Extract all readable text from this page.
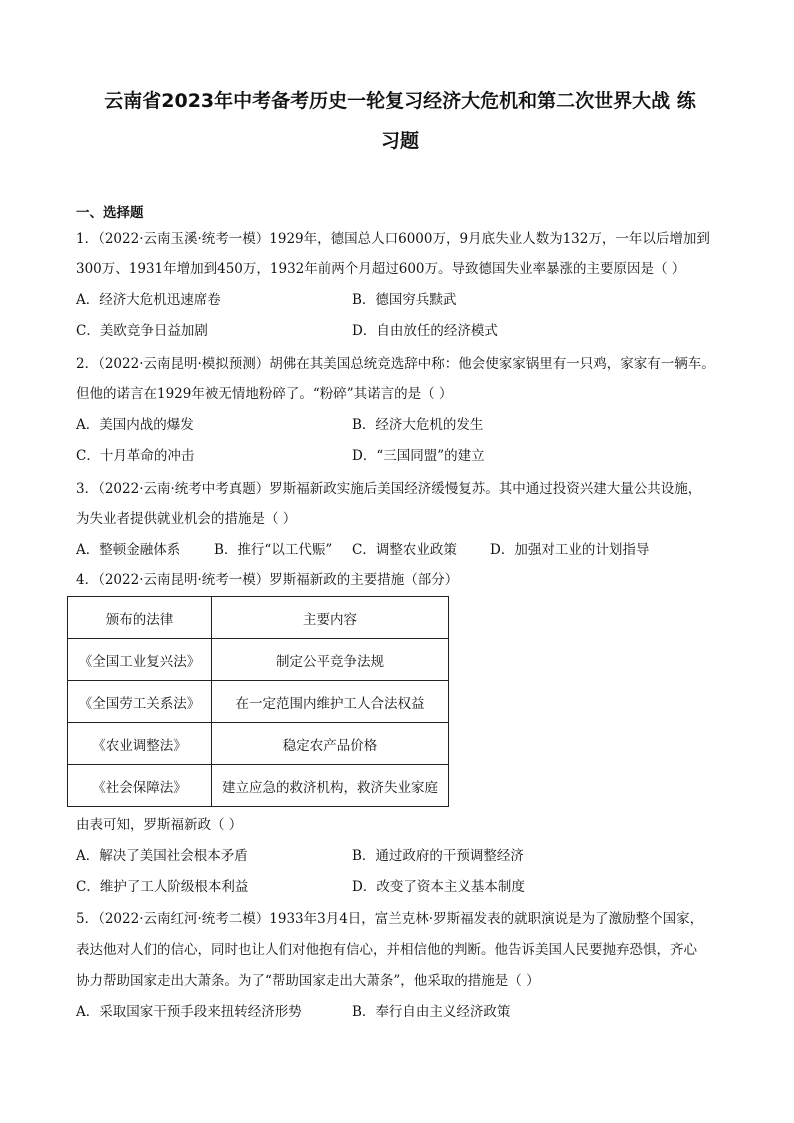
云南省2023年中考备考历史一轮复习经济大危机和第二次世界大战 练
习题
一、选择题
1．（2022·云南玉溪·统考一模）1929年，德国总人口6000万，9月底失业人数为132万，一年以后增加到
300万、1931年增加到450万，1932年前两个月超过600万。导致德国失业率暴涨的主要原因是（ ）
A．经济大危机迅速席卷	B．德国穷兵黩武
C．美欧竞争日益加剧	D．自由放任的经济模式
2．（2022·云南昆明·模拟预测）胡佛在其美国总统竞选辞中称：他会使家家锅里有一只鸡，家家有一辆车。
但他的诺言在1929年被无情地粉碎了。“粉碎”其诺言的是（ ）
A．美国内战的爆发	B．经济大危机的发生
C．十月革命的冲击	D．“三国同盟”的建立
3．（2022·云南·统考中考真题）罗斯福新政实施后美国经济缓慢复苏。其中通过投资兴建大量公共设施，
为失业者提供就业机会的措施是（ ）
A．整顿金融体系	B．推行“以工代赈” C．调整农业政策 D．加强对工业的计划指导
4．（2022·云南昆明·统考一模）罗斯福新政的主要措施（部分）
颁布的法律	主要内容
《全国工业复兴法》	制定公平竞争法规
《全国劳工关系法》	在一定范围内维护工人合法权益
《农业调整法》	稳定农产品价格
《社会保障法》	建立应急的救济机构，救济失业家庭
由表可知，罗斯福新政（ ）
A．解决了美国社会根本矛盾	B．通过政府的干预调整经济
C．维护了工人阶级根本利益	D．改变了资本主义基本制度
5．（2022·云南红河·统考二模）1933年3月4日，富兰克林·罗斯福发表的就职演说是为了激励整个国家，
表达他对人们的信心，同时也让人们对他抱有信心，并相信他的判断。他告诉美国人民要抛弃恐惧，齐心
协力帮助国家走出大萧条。为了“帮助国家走出大萧条”，他采取的措施是（ ）
A．采取国家干预手段来扭转经济形势	B．奉行自由主义经济政策
